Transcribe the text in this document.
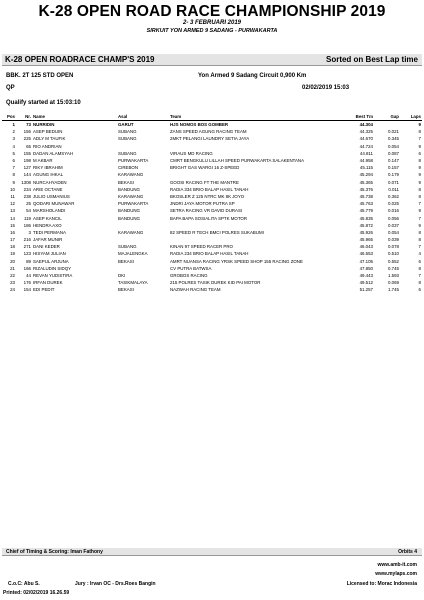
K-28 OPEN ROAD RACE CHAMPIONSHIP 2019
2- 3 FEBRUARI 2019
SIRKUIT YON ARMED 9 SADANG - PURWAKARTA
K-28 OPEN ROADRACE CHAMP'S 2019	Sorted on Best Lap time
BBK. 2T 125 STD OPEN	Yon Armed 9 Sadang Circuit 0,900 Km
QP	02/02/2019 15:03
Qualify started at 15:03:10
Pos	Nr.	Name	Asal	Team	Best Tm	Gap	Laps
1	73	NURRIDIN	GARUT	HJS NOMOS BOS GOMBER	44.304		9
2	156	ASEP BEDUIN	SUBANG	ZANS SPEED AGUNG RACING TEAM	44.325	0.021	8
3	225	ADLY M TAUFIK	SUBANG	2MKT PELANGI LAUNDRY SETIA JAYA	44.670	0.345	7
4	65	RIO ANDRIAN			44.724	0.054	9
5	155	DADAN ALAMSYAH	SUBANG	VIRAUS MD RACING	44.811	0.087	6
6	198	M AKBAR	PURWAKARTA	CMRT BENGKULU LILLAH SPEED PURWAKARTA SALAKENTANA	44.958	0.147	8
7	127	RIKY IBRAHIM	CIREBON	BRIGHT GAS WARGI 16 Z-SPEED	45.115	0.157	9
8	144	AGUNG IHKAL	KARAWANG		45.294	0.179	9
9	1308	NURCAHYADEN	BEKASI	GOOSI RACING FT THE MANTRE	45.365	0.071	9
10	234	ARIE OCTANE	BANDUNG	RADIA 334 BRIO BALAP HASIL TANAH	45.376	0.011	8
11	238	JULIO USMANIUS	KARAWANG	BKOSLER Z 125 NTRC MK 8K JOYO	45.738	0.362	8
12	25	QODARI MUNAWAR	PURWAKARTA	JNDRI JAYA MOTOR PUTRA SP	45.763	0.025	7
13	54	MARSHOLANDI	BANDUNG	SETRA RACING VR DAVID DURASI	45.779	0.016	9
14	119	ASEP KANCIL	BANDUNG	BAPA BAPA SOSIALITA SPTK MOTOR	45.835	0.056	7
15	186	HENDRA AXO			45.872	0.037	9
16	3	TEDI PERMANA	KARAWANG	82 SPEED R TECH BMCI POLRES SUKABUMI	45.926	0.054	8
17	216	JAFAR MUNIR			45.965	0.039	8
18	271	DANI KEDER	SUBANG	KINAN 97 SPEED RACER PRO	46.043	0.078	7
19	123	HISYAM JULIAN	MAJALENGKA	RADIA 234 BRIO BALAP HASIL TANAH	46.553	0.510	4
20	89	SAEPUL ARJUNA	BEKASI	AMRT NUANSA RACING YRSK SPEED SHOP 155 RACING ZONE	47.105	0.552	6
21	166	RIZALUDIN SIDQY		CV PUTRA BATWSA	47.850	0.745	8
22	44	REVAN YUDISTIRA	DKI	GROBOS RACING	49.443	1.593	7
23	176	IRFAN DUREK	TASIKMALAYA	215 POLRES TASIK DUREK KID PAI MOTOR	49.512	0.069	8
24	154	EDI PEDIT	BEKASI	NAZWAH RACING TEAM	51.257	1.745	6
Chief of Timing & Scoring: Iman Fathony	Orbits 4
www.amb-it.com
www.mylaps.com
C.o.C: Abu S.	Jury : Irvan OC - Drs.Roes Bangin	Licensed to: Morac Indonesia
Printed: 02/02/2019 16.26.59
